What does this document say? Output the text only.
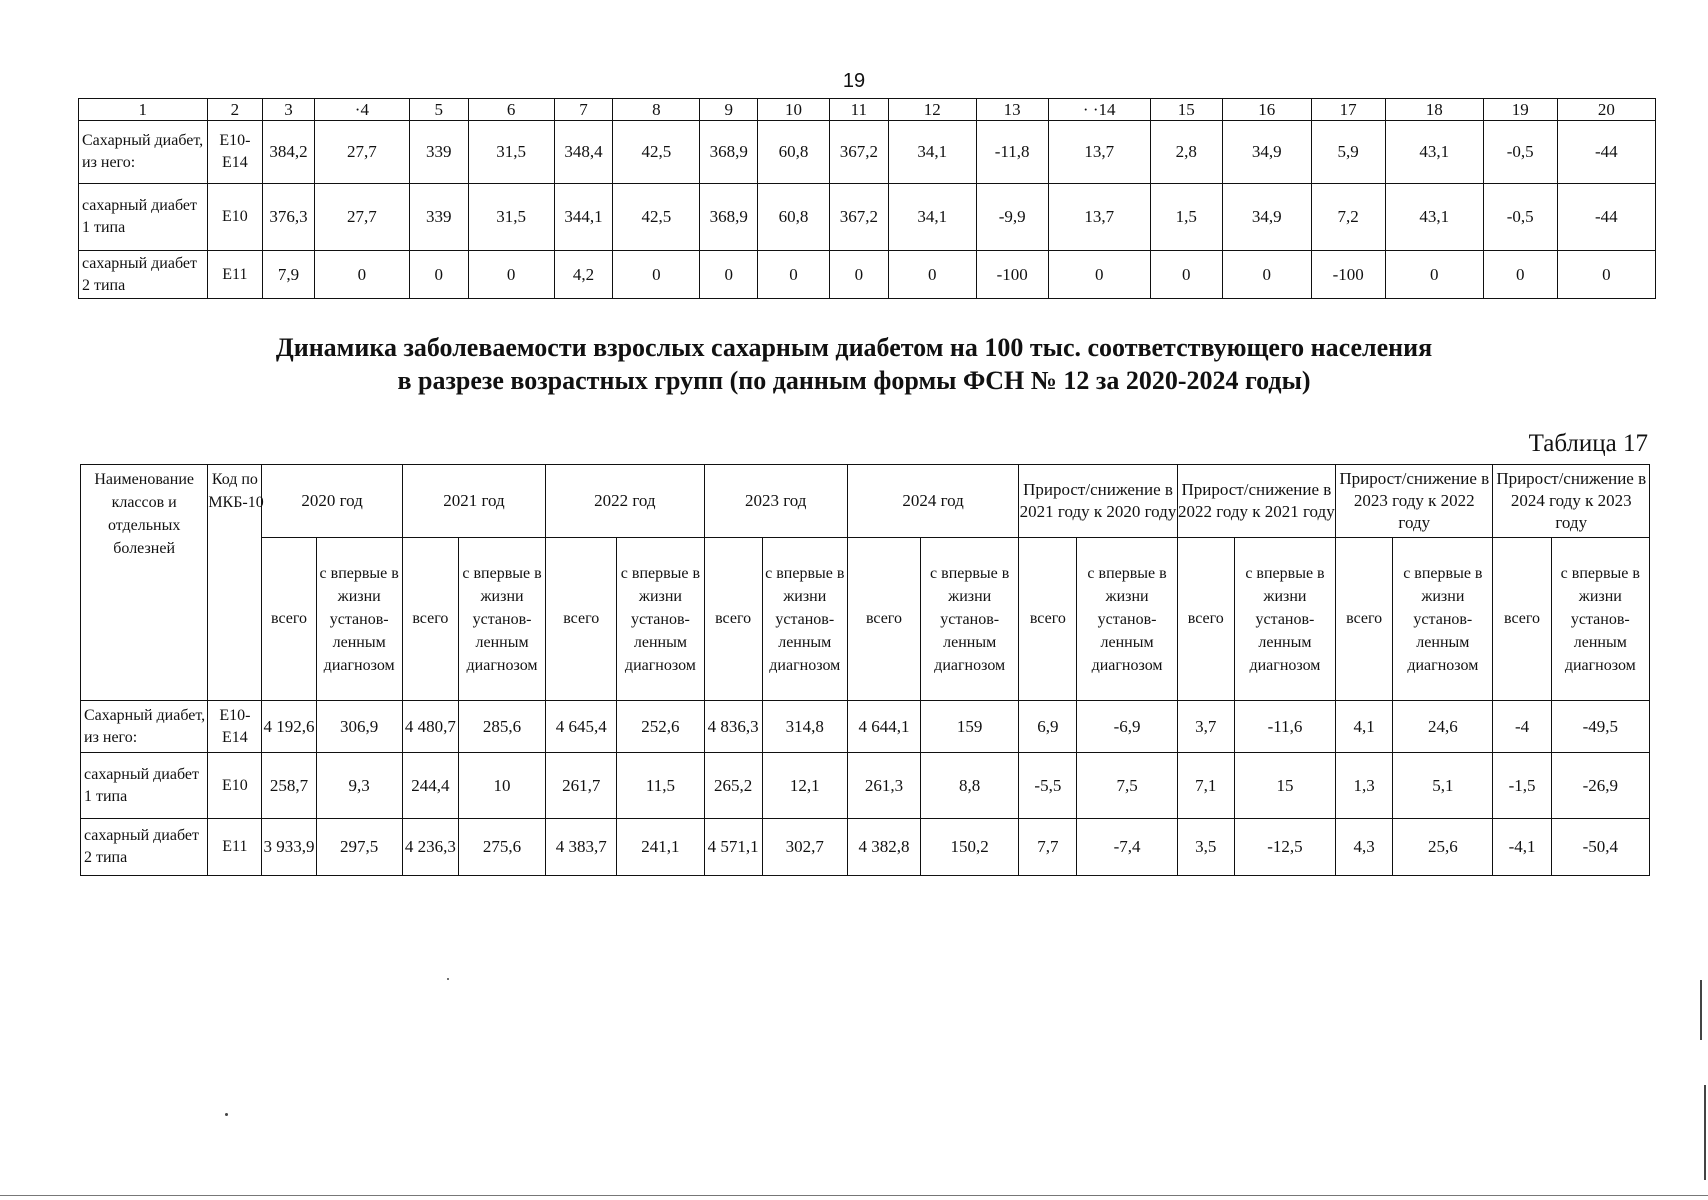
19
1	2	3	·4	5	6	7	8	9	10	11	12	13	· ·14	15	16	17	18	19	20
Сахарный диабет, из него:	E10-E14	384,2	27,7	339	31,5	348,4	42,5	368,9	60,8	367,2	34,1	-11,8	13,7	2,8	34,9	5,9	43,1	-0,5	-44
сахарный диабет 1 типа	E10	376,3	27,7	339	31,5	344,1	42,5	368,9	60,8	367,2	34,1	-9,9	13,7	1,5	34,9	7,2	43,1	-0,5	-44
сахарный диабет 2 типа	E11	7,9	0	0	0	4,2	0	0	0	0	0	-100	0	0	0	-100	0	0	0
Динамика заболеваемости взрослых сахарным диабетом на 100 тыс. соответствующего населения
в разрезе возрастных групп (по данным формы ФСН № 12 за 2020-2024 годы)
Таблица 17
Наименование классов и отдельных болезней	Код по МКБ-10	2020 год		2021 год		2022 год		2023 год		2024 год		Прирост/снижение в 2021 году к 2020 году		Прирост/снижение в 2022 году к 2021 году		Прирост/снижение в 2023 году к 2022 году		Прирост/снижение в 2024 году к 2023 году	
		всего	с впервые в жизни установ-ленным диагнозом	всего	с впервые в жизни установ-ленным диагнозом	всего	с впервые в жизни установ-ленным диагнозом	всего	с впервые в жизни установ-ленным диагнозом	всего	с впервые в жизни установ-ленным диагнозом	всего	с впервые в жизни установ-ленным диагнозом	всего	с впервые в жизни установ-ленным диагнозом	всего	с впервые в жизни установ-ленным диагнозом	всего	с впервые в жизни установ-ленным диагнозом
Сахарный диабет, из него:	E10-E14	4 192,6	306,9	4 480,7	285,6	4 645,4	252,6	4 836,3	314,8	4 644,1	159	6,9	-6,9	3,7	-11,6	4,1	24,6	-4	-49,5
сахарный диабет 1 типа	E10	258,7	9,3	244,4	10	261,7	11,5	265,2	12,1	261,3	8,8	-5,5	7,5	7,1	15	1,3	5,1	-1,5	-26,9
сахарный диабет 2 типа	E11	3 933,9	297,5	4 236,3	275,6	4 383,7	241,1	4 571,1	302,7	4 382,8	150,2	7,7	-7,4	3,5	-12,5	4,3	25,6	-4,1	-50,4
